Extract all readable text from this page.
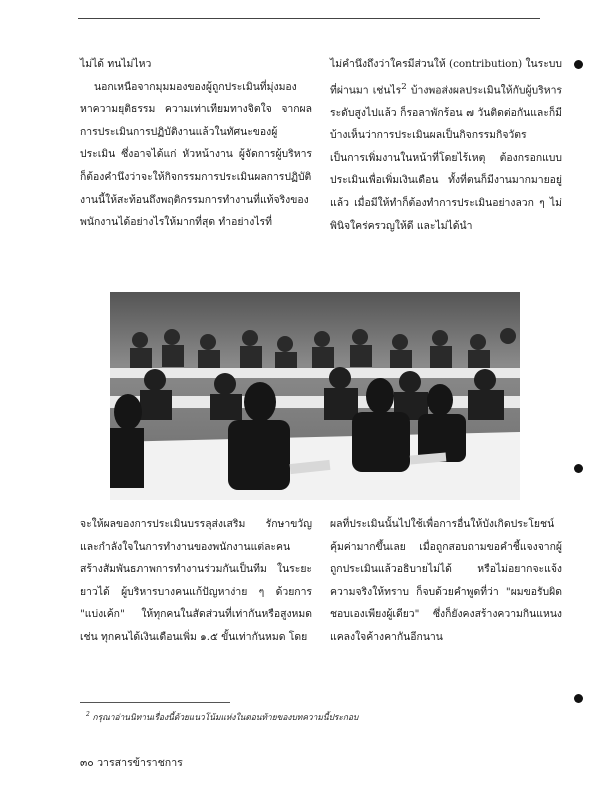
ไม่ได้ ทนไม่ไหว

นอกเหนือจากมุมมองของผู้ถูกประเมินที่มุ่งมองหาความยุติธรรม ความเท่าเทียมทางจิตใจ จากผลการประเมินการปฏิบัติงานแล้วในทัศนะของผู้ประเมิน ซึ่งอาจได้แก่ หัวหน้างาน ผู้จัดการผู้บริหาร ก็ต้องคำนึงว่าจะให้กิจกรรมการประเมินผลการปฏิบัติงานนี้ให้สะท้อนถึงพฤติกรรมการทำงานที่แท้จริงของพนักงานได้อย่างไรให้มากที่สุด ทำอย่างไรที่

ไม่คำนึงถึงว่าใครมีส่วนให้ (contribution) ในระบบที่ผ่านมา เช่นไร$^2$ บ้างพอส่งผลประเมินให้กับผู้บริหารระดับสูงไปแล้ว ก็รอลาพักร้อน ๗ วันติดต่อกันและก็มี บ้างเห็นว่าการประเมินผลเป็นกิจกรรมกิจวัตร เป็นการเพิ่มงานในหน้าที่โดยไร้เหตุ ต้องกรอกแบบประเมินเพื่อเพิ่มเงินเดือน ทั้งที่ตนก็มีงานมากมายอยู่แล้ว เมื่อมีให้ทำก็ต้องทำการประเมินอย่างลวก ๆ ไม่พินิจใคร่ครวญให้ดี และไม่ได้นำ

จะให้ผลของการประเมินบรรลุส่งเสริม รักษาขวัญและกำลังใจในการทำงานของพนักงานแต่ละคน สร้างสัมพันธภาพการทำงานร่วมกันเป็นทีม ในระยะยาวได้ ผู้บริหารบางคนแก้ปัญหาง่าย ๆ ด้วยการ "แบ่งเค้ก" ให้ทุกคนในสัดส่วนที่เท่ากันหรือสูงหมด เช่น ทุกคนได้เงินเดือนเพิ่ม ๑.๕ ขั้นเท่ากันหมด โดย

ผลที่ประเมินนั้นไปใช้เพื่อการอื่นให้บังเกิดประโยชน์คุ้มค่ามากขึ้นเลย เมื่อถูกสอบถามขอคำชี้แจงจากผู้ถูกประเมินแล้วอธิบายไม่ได้ หรือไม่อยากจะแจ้งความจริงให้ทราบ ก็จบด้วยคำพูดที่ว่า "ผมขอรับผิดชอบเองเพียงผู้เดียว" ซึ่งก็ยังคงสร้างความกินแหนงแคลงใจค้างคากันอีกนาน

$^2$ กรุณาอ่านนิทานเรื่องนี้ด้วยแนวโน้มแห่งในตอนท้ายของบทความนี้ประกอบ
๓๐ วารสารข้าราชการ
